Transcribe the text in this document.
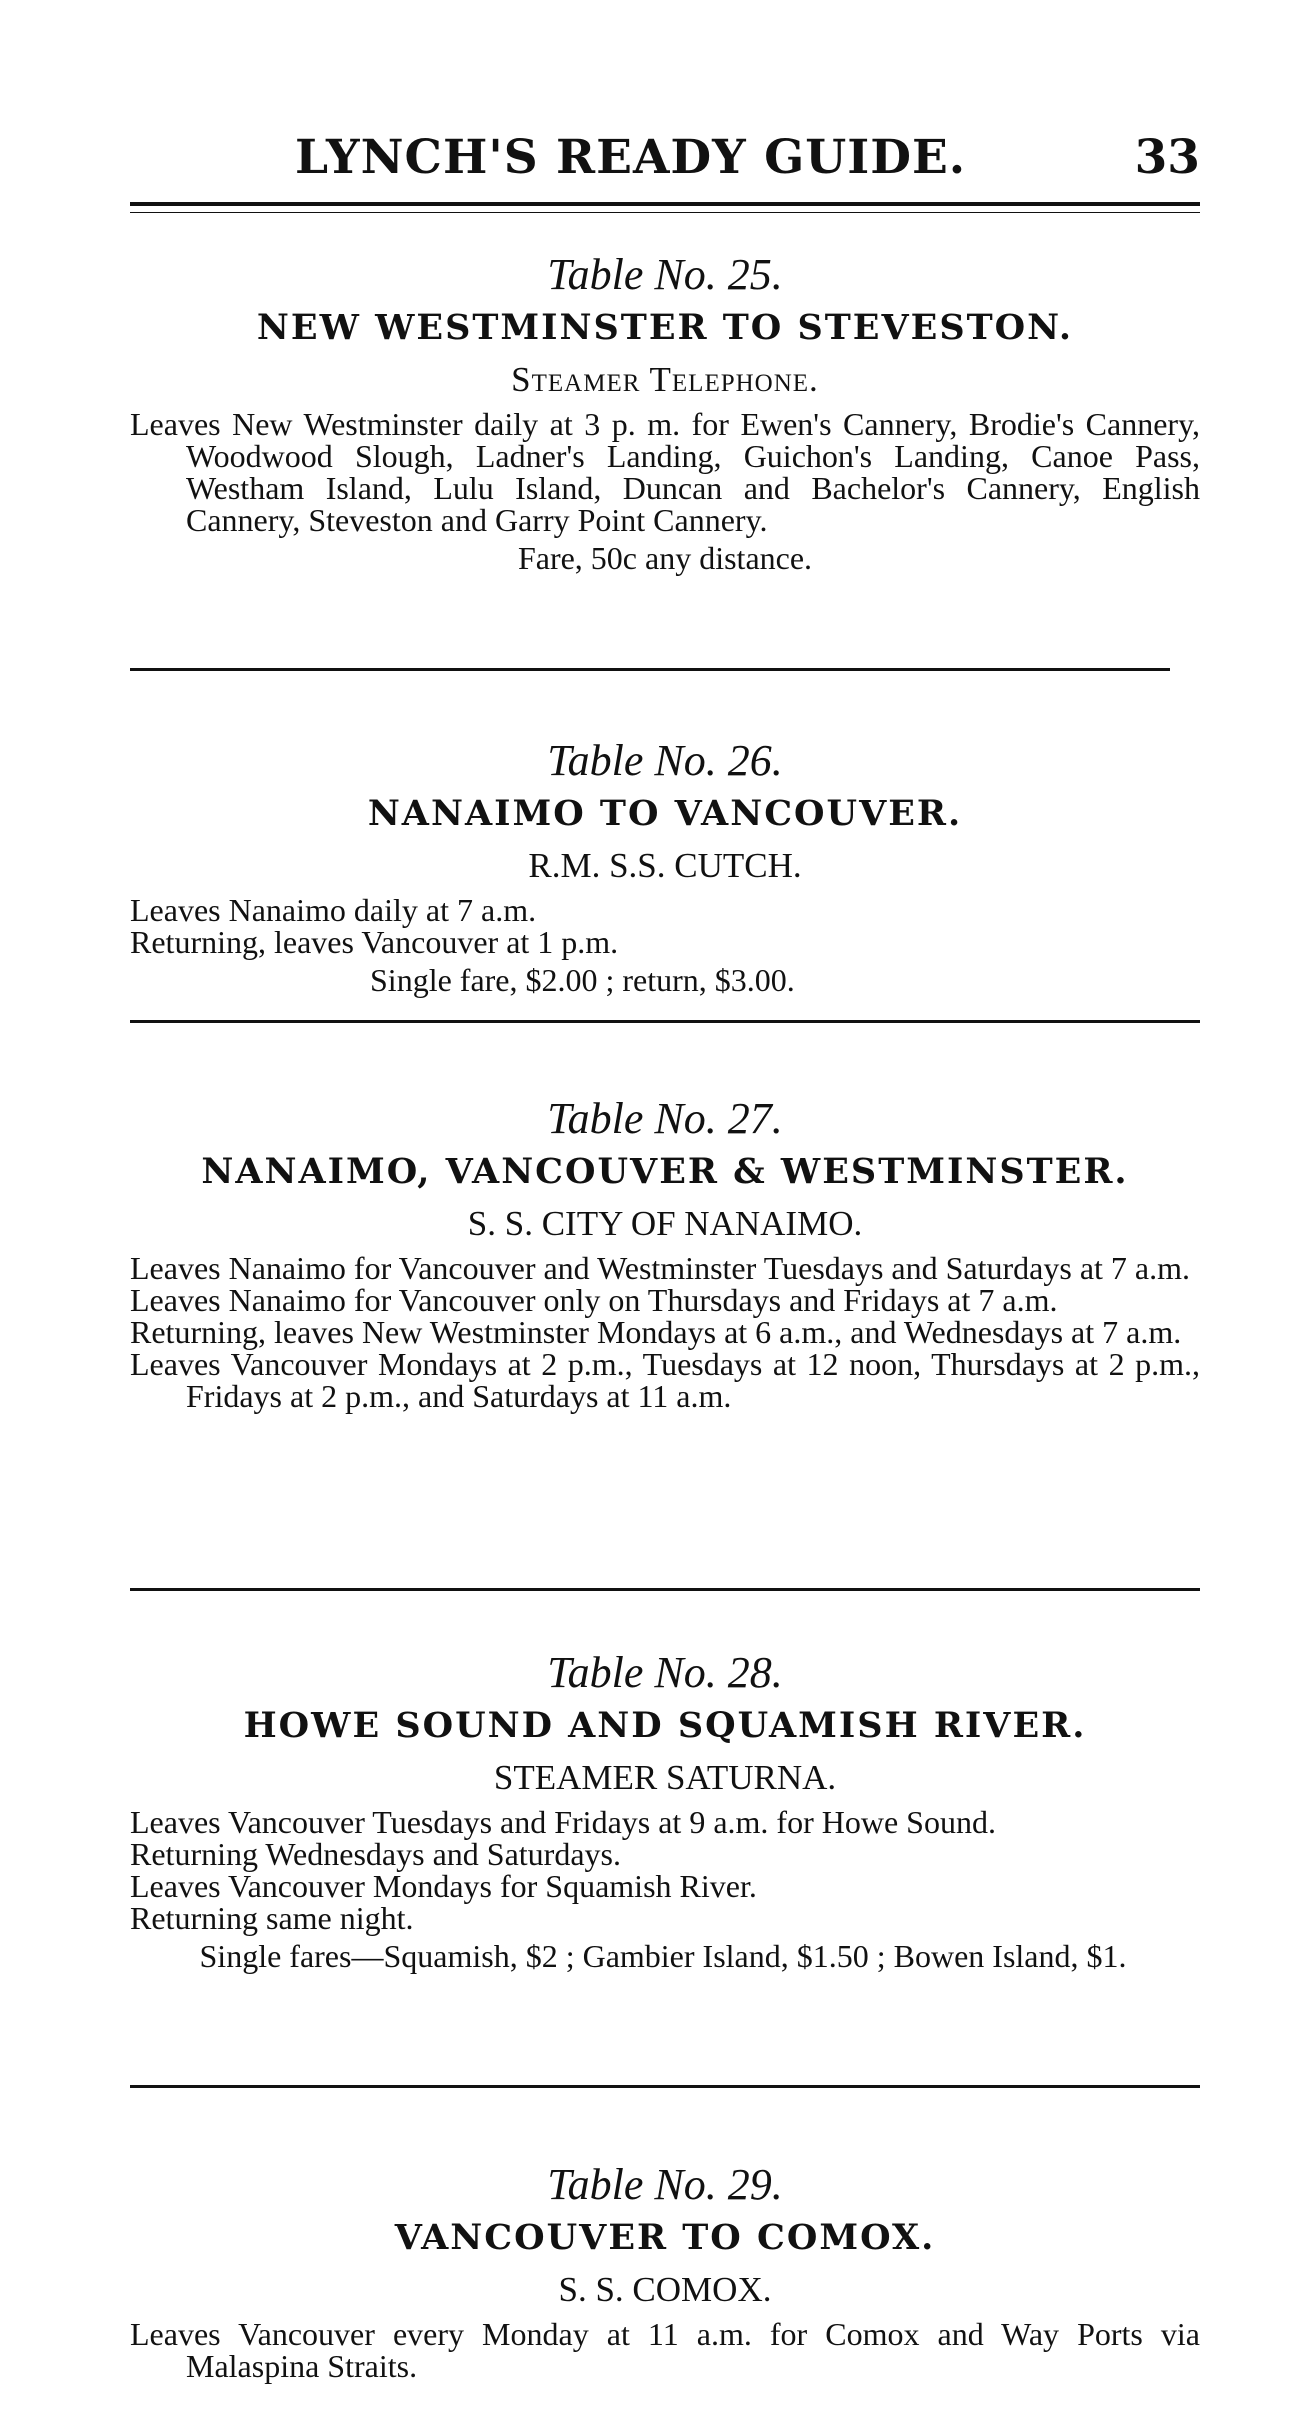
LYNCH'S READY GUIDE.	33

Table No. 25.

NEW WESTMINSTER TO STEVESTON.

Steamer Telephone.

Leaves New Westminster daily at 3 p. m. for Ewen's Cannery, Brodie's Cannery, Woodwood Slough, Ladner's Landing, Guichon's Landing, Canoe Pass, Westham Island, Lulu Island, Duncan and Bachelor's Cannery, English Cannery, Steveston and Garry Point Cannery.

Fare, 50c any distance.

Table No. 26.

NANAIMO TO VANCOUVER.

R.M. S.S. CUTCH.

Leaves Nanaimo daily at 7 a.m.

Returning, leaves Vancouver at 1 p.m.

Single fare, $2.00 ; return, $3.00.

Table No. 27.

NANAIMO, VANCOUVER & WESTMINSTER.

S. S. CITY OF NANAIMO.

Leaves Nanaimo for Vancouver and Westminster Tuesdays and Saturdays at 7 a.m.

Leaves Nanaimo for Vancouver only on Thursdays and Fridays at 7 a.m.

Returning, leaves New Westminster Mondays at 6 a.m., and Wednesdays at 7 a.m.

Leaves Vancouver Mondays at 2 p.m., Tuesdays at 12 noon, Thursdays at 2 p.m., Fridays at 2 p.m., and Saturdays at 11 a.m.

Table No. 28.

HOWE SOUND AND SQUAMISH RIVER.

STEAMER SATURNA.

Leaves Vancouver Tuesdays and Fridays at 9 a.m. for Howe Sound.

Returning Wednesdays and Saturdays.

Leaves Vancouver Mondays for Squamish River.

Returning same night.

Single fares—Squamish, $2 ; Gambier Island, $1.50 ; Bowen Island, $1.

Table No. 29.

VANCOUVER TO COMOX.

S. S. COMOX.

Leaves Vancouver every Monday at 11 a.m. for Comox and Way Ports via Malaspina Straits.
